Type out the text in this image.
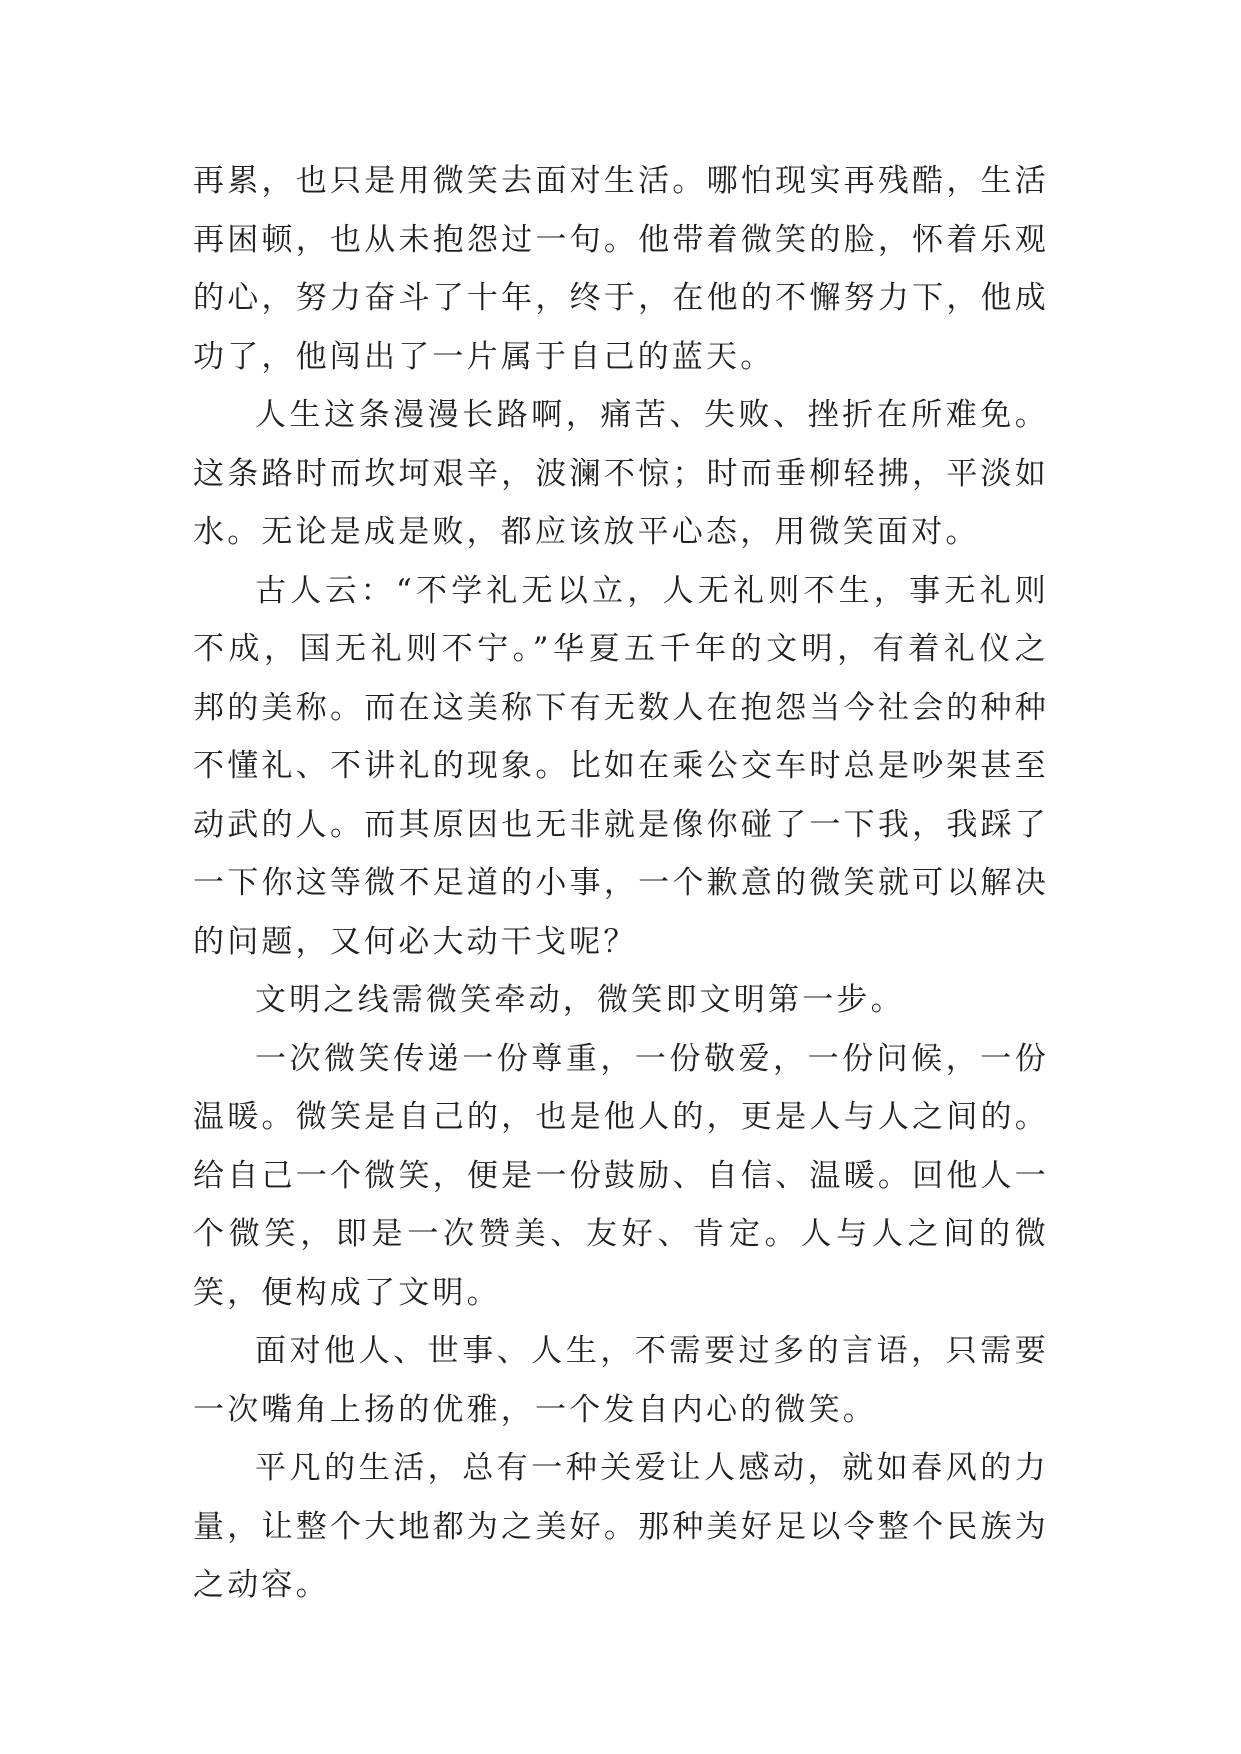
再累，也只是用微笑去面对生活。哪怕现实再残酷，生活再困顿，也从未抱怨过一句。他带着微笑的脸，怀着乐观的心，努力奋斗了十年，终于，在他的不懈努力下，他成功了，他闯出了一片属于自己的蓝天。

人生这条漫漫长路啊，痛苦、失败、挫折在所难免。这条路时而坎坷艰辛，波澜不惊；时而垂柳轻拂，平淡如水。无论是成是败，都应该放平心态，用微笑面对。

古人云：“不学礼无以立，人无礼则不生，事无礼则不成，国无礼则不宁。”华夏五千年的文明，有着礼仪之邦的美称。而在这美称下有无数人在抱怨当今社会的种种不懂礼、不讲礼的现象。比如在乘公交车时总是吵架甚至动武的人。而其原因也无非就是像你碰了一下我，我踩了一下你这等微不足道的小事，一个歉意的微笑就可以解决的问题，又何必大动干戈呢？

文明之线需微笑牵动，微笑即文明第一步。

一次微笑传递一份尊重，一份敬爱，一份问候，一份温暖。微笑是自己的，也是他人的，更是人与人之间的。给自己一个微笑，便是一份鼓励、自信、温暖。回他人一个微笑，即是一次赞美、友好、肯定。人与人之间的微笑，便构成了文明。

面对他人、世事、人生，不需要过多的言语，只需要一次嘴角上扬的优雅，一个发自内心的微笑。

平凡的生活，总有一种关爱让人感动，就如春风的力量，让整个大地都为之美好。那种美好足以令整个民族为之动容。
